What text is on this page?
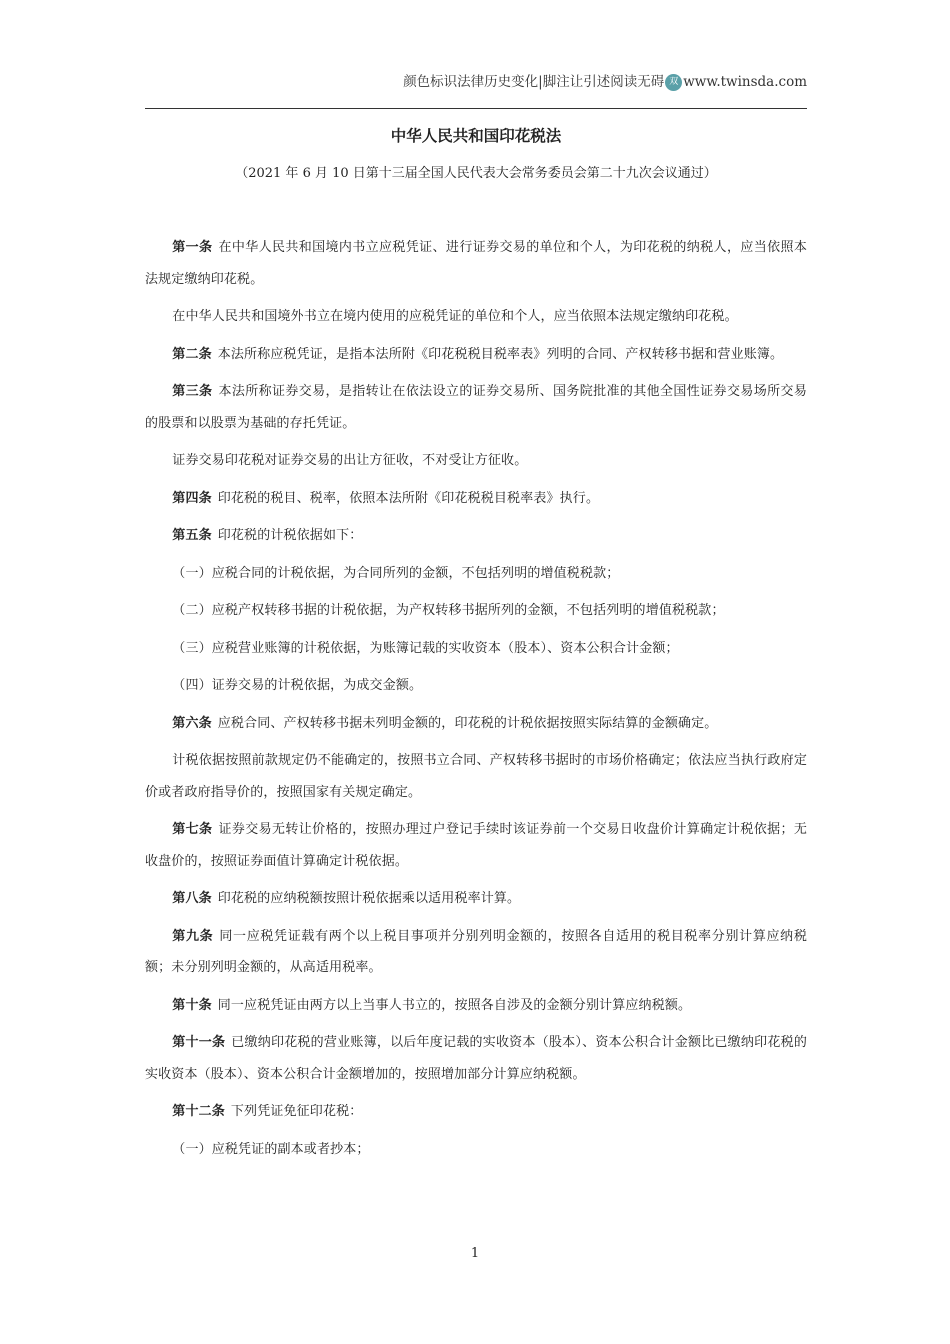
颜色标识法律历史变化|脚注让引述阅读无碍 双 www.twinsda.com
中华人民共和国印花税法
（2021 年 6 月 10 日第十三届全国人民代表大会常务委员会第二十九次会议通过）

第一条 在中华人民共和国境内书立应税凭证、进行证券交易的单位和个人，为印花税的纳税人，应当依照本法规定缴纳印花税。

在中华人民共和国境外书立在境内使用的应税凭证的单位和个人，应当依照本法规定缴纳印花税。

第二条 本法所称应税凭证，是指本法所附《印花税税目税率表》列明的合同、产权转移书据和营业账簿。

第三条 本法所称证券交易，是指转让在依法设立的证券交易所、国务院批准的其他全国性证券交易场所交易的股票和以股票为基础的存托凭证。

证券交易印花税对证券交易的出让方征收，不对受让方征收。

第四条 印花税的税目、税率，依照本法所附《印花税税目税率表》执行。

第五条 印花税的计税依据如下：

（一）应税合同的计税依据，为合同所列的金额，不包括列明的增值税税款；

（二）应税产权转移书据的计税依据，为产权转移书据所列的金额，不包括列明的增值税税款；

（三）应税营业账簿的计税依据，为账簿记载的实收资本（股本）、资本公积合计金额；

（四）证券交易的计税依据，为成交金额。

第六条 应税合同、产权转移书据未列明金额的，印花税的计税依据按照实际结算的金额确定。

计税依据按照前款规定仍不能确定的，按照书立合同、产权转移书据时的市场价格确定；依法应当执行政府定价或者政府指导价的，按照国家有关规定确定。

第七条 证券交易无转让价格的，按照办理过户登记手续时该证券前一个交易日收盘价计算确定计税依据；无收盘价的，按照证券面值计算确定计税依据。

第八条 印花税的应纳税额按照计税依据乘以适用税率计算。

第九条 同一应税凭证载有两个以上税目事项并分别列明金额的，按照各自适用的税目税率分别计算应纳税额；未分别列明金额的，从高适用税率。

第十条 同一应税凭证由两方以上当事人书立的，按照各自涉及的金额分别计算应纳税额。

第十一条 已缴纳印花税的营业账簿，以后年度记载的实收资本（股本）、资本公积合计金额比已缴纳印花税的实收资本（股本）、资本公积合计金额增加的，按照增加部分计算应纳税额。

第十二条 下列凭证免征印花税：

（一）应税凭证的副本或者抄本；

1
